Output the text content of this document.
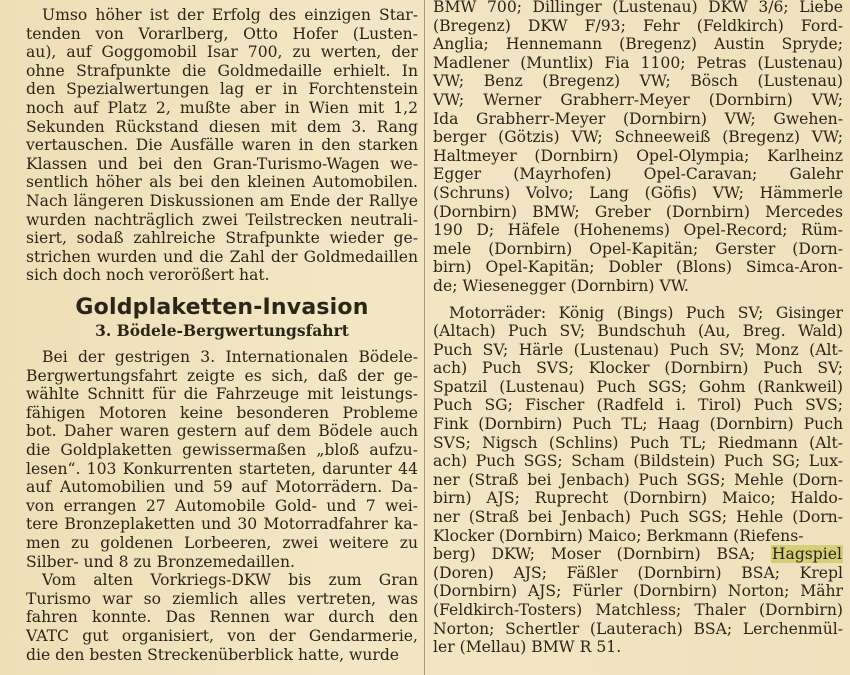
Umso höher ist der Erfolg des einzigen Star-
tenden von Vorarlberg, Otto Hofer (Lusten-
au), auf Goggomobil Isar 700, zu werten, der
ohne Strafpunkte die Goldmedaille erhielt. In
den Spezialwertungen lag er in Forchtenstein
noch auf Platz 2, mußte aber in Wien mit 1,2
Sekunden Rückstand diesen mit dem 3. Rang
vertauschen. Die Ausfälle waren in den starken
Klassen und bei den Gran-Turismo-Wagen we-
sentlich höher als bei den kleinen Automobilen.
Nach längeren Diskussionen am Ende der Rallye
wurden nachträglich zwei Teilstrecken neutrali-
siert, sodaß zahlreiche Strafpunkte wieder ge-
strichen wurden und die Zahl der Goldmedaillen
sich doch noch verorößert hat.
Goldplaketten-Invasion
3. Bödele-Bergwertungsfahrt
Bei der gestrigen 3. Internationalen Bödele-
Bergwertungsfahrt zeigte es sich, daß der ge-
wählte Schnitt für die Fahrzeuge mit leistungs-
fähigen Motoren keine besonderen Probleme
bot. Daher waren gestern auf dem Bödele auch
die Goldplaketten gewissermaßen „bloß aufzu-
lesen“. 103 Konkurrenten starteten, darunter 44
auf Automobilien und 59 auf Motorrädern. Da-
von errangen 27 Automobile Gold- und 7 wei-
tere Bronzeplaketten und 30 Motorradfahrer ka-
men zu goldenen Lorbeeren, zwei weitere zu
Silber- und 8 zu Bronzemedaillen.
Vom alten Vorkriegs-DKW bis zum Gran
Turismo war so ziemlich alles vertreten, was
fahren konnte. Das Rennen war durch den
VATC gut organisiert, von der Gendarmerie,
die den besten Streckenüberblick hatte, wurde
BMW 700; Dillinger (Lustenau) DKW 3/6; Liebe
(Bregenz) DKW F/93; Fehr (Feldkirch) Ford-
Anglia; Hennemann (Bregenz) Austin Spryde;
Madlener (Muntlix) Fia 1100; Petras (Lustenau)
VW; Benz (Bregenz) VW; Bösch (Lustenau)
VW; Werner Grabherr-Meyer (Dornbirn) VW;
Ida Grabherr-Meyer (Dornbirn) VW; Gwehen-
berger (Götzis) VW; Schneeweiß (Bregenz) VW;
Haltmeyer (Dornbirn) Opel-Olympia; Karlheinz
Egger (Mayrhofen) Opel-Caravan; Galehr
(Schruns) Volvo; Lang (Göfis) VW; Hämmerle
(Dornbirn) BMW; Greber (Dornbirn) Mercedes
190 D; Häfele (Hohenems) Opel-Record; Rüm-
mele (Dornbirn) Opel-Kapitän; Gerster (Dorn-
birn) Opel-Kapitän; Dobler (Blons) Simca-Aron-
de; Wiesenegger (Dornbirn) VW.
Motorräder: König (Bings) Puch SV; Gisinger
(Altach) Puch SV; Bundschuh (Au, Breg. Wald)
Puch SV; Härle (Lustenau) Puch SV; Monz (Alt-
ach) Puch SVS; Klocker (Dornbirn) Puch SV;
Spatzil (Lustenau) Puch SGS; Gohm (Rankweil)
Puch SG; Fischer (Radfeld i. Tirol) Puch SVS;
Fink (Dornbirn) Puch TL; Haag (Dornbirn) Puch
SVS; Nigsch (Schlins) Puch TL; Riedmann (Alt-
ach) Puch SGS; Scham (Bildstein) Puch SG; Lux-
ner (Straß bei Jenbach) Puch SGS; Mehle (Dorn-
birn) AJS; Ruprecht (Dornbirn) Maico; Haldo-
ner (Straß bei Jenbach) Puch SGS; Hehle (Dorn-
Klocker (Dornbirn) Maico; Berkmann (Riefens-
berg) DKW; Moser (Dornbirn) BSA; Hagspiel
(Doren) AJS; Fäßler (Dornbirn) BSA; Krepl
(Dornbirn) AJS; Fürler (Dornbirn) Norton; Mähr
(Feldkirch-Tosters) Matchless; Thaler (Dornbirn)
Norton; Schertler (Lauterach) BSA; Lerchenmül-
ler (Mellau) BMW R 51.
